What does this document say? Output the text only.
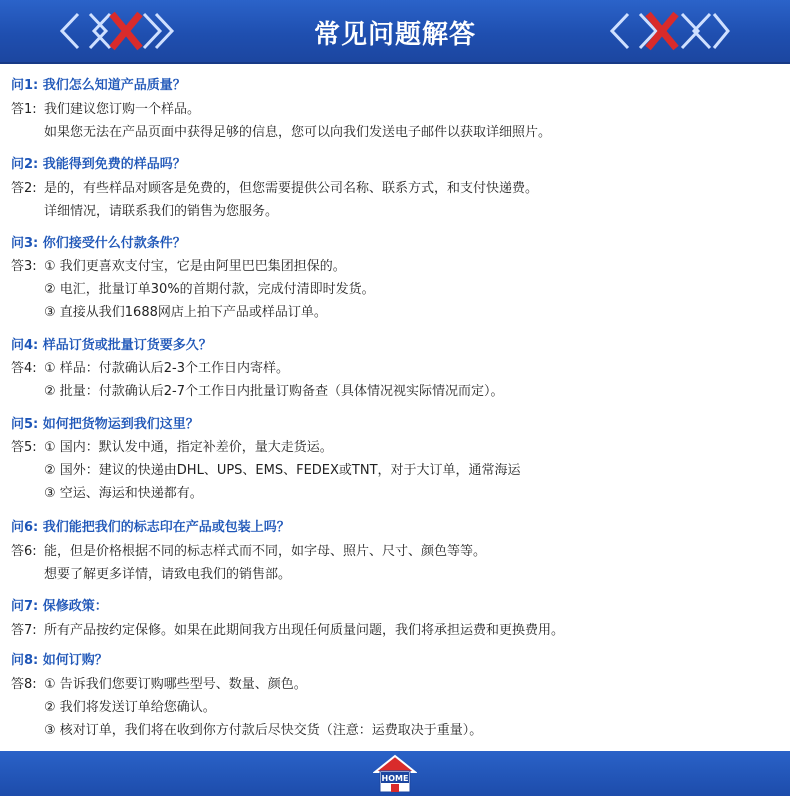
常见问题解答
问1: 我们怎么知道产品质量？
答1: 我们建议您订购一个样品。
如果您无法在产品页面中获得足够的信息，您可以向我们发送电子邮件以获取详细照片。
问2: 我能得到免费的样品吗？
答2: 是的，有些样品对顾客是免费的，但您需要提供公司名称、联系方式，和支付快递费。
详细情况，请联系我们的销售为您服务。
问3: 你们接受什么付款条件？
答3: ① 我们更喜欢支付宝，它是由阿里巴巴集团担保的。
② 电汇，批量订单30%的首期付款，完成付清即时发货。
③ 直接从我们1688网店上拍下产品或样品订单。
问4: 样品订货或批量订货要多久？
答4: ① 样品：付款确认后2-3个工作日内寄样。
② 批量：付款确认后2-7个工作日内批量订购备查（具体情况视实际情况而定）。
问5: 如何把货物运到我们这里？
答5: ① 国内：默认发中通，指定补差价，量大走货运。
② 国外：建议的快递由DHL、UPS、EMS、FEDEX或TNT，对于大订单，通常海运
③ 空运、海运和快递都有。
问6: 我们能把我们的标志印在产品或包装上吗？
答6: 能，但是价格根据不同的标志样式而不同，如字母、照片、尺寸、颜色等等。
想要了解更多详情，请致电我们的销售部。
问7: 保修政策：
答7: 所有产品按约定保修。如果在此期间我方出现任何质量问题，我们将承担运费和更换费用。
问8: 如何订购？
答8: ① 告诉我们您要订购哪些型号、数量、颜色。
② 我们将发送订单给您确认。
③ 核对订单，我们将在收到你方付款后尽快交货（注意：运费取决于重量）。
HOME
